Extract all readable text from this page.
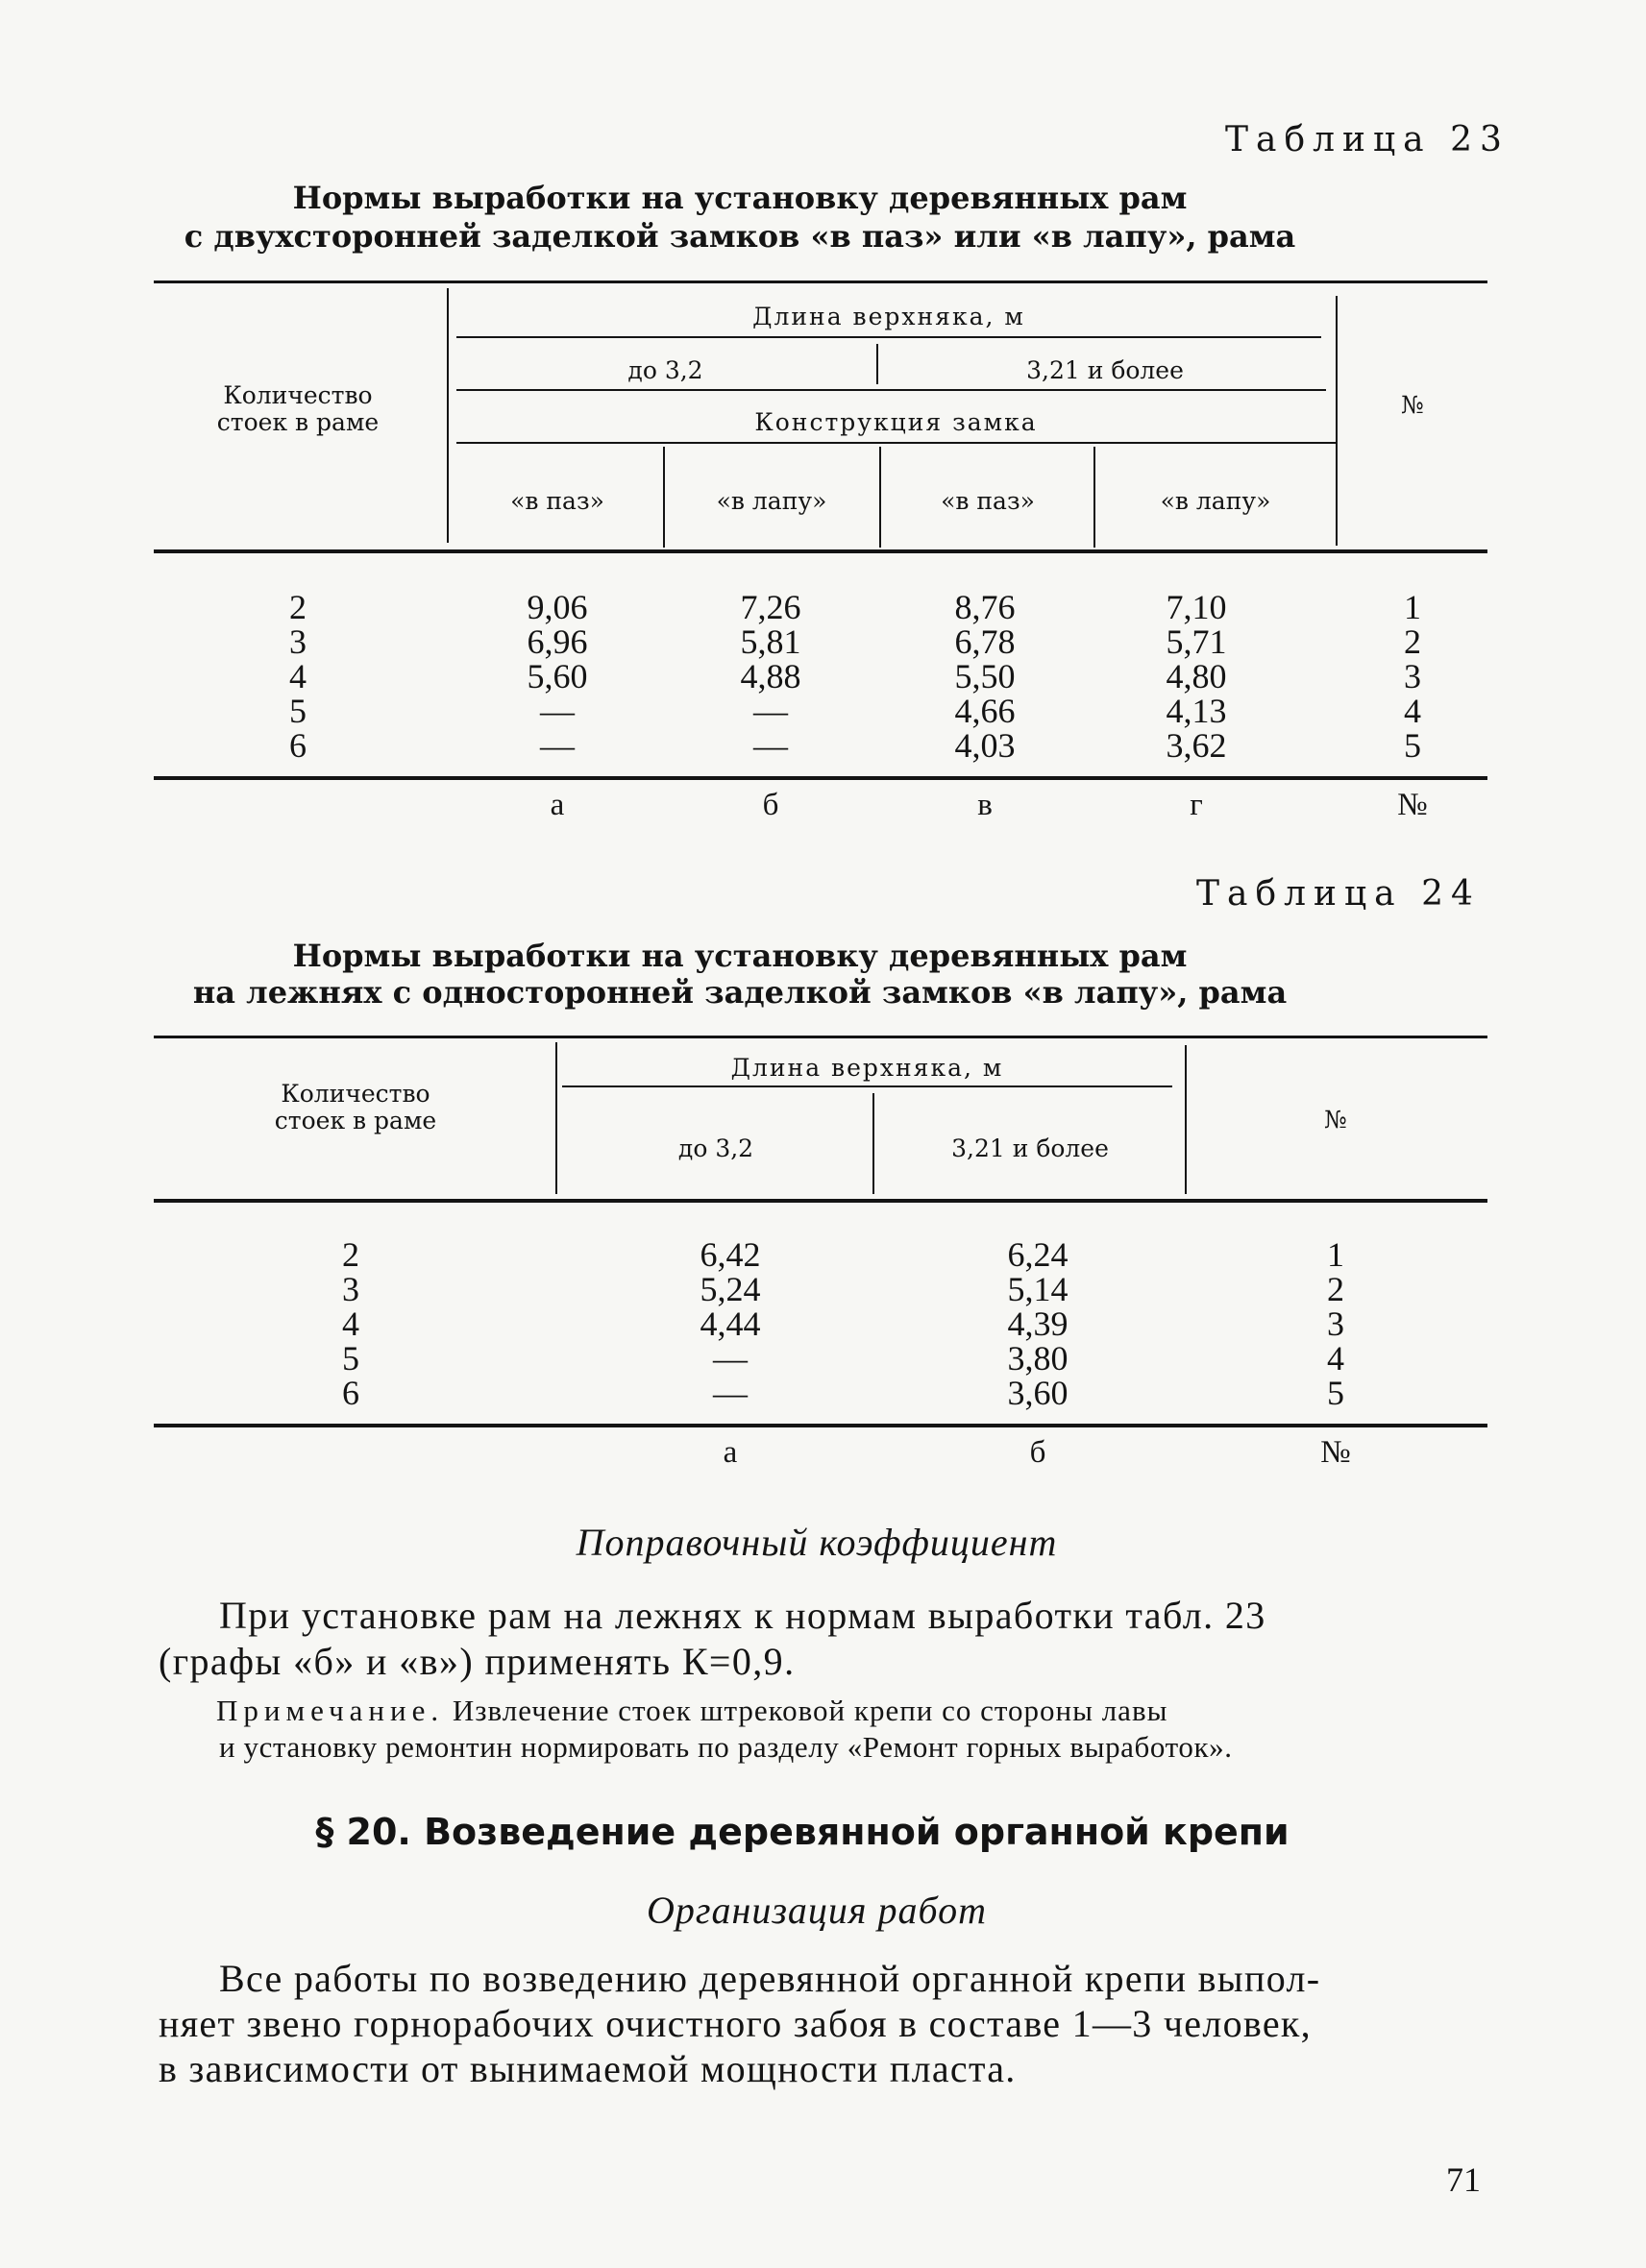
Таблица 23
Нормы выработки на установку деревянных рам
с двухсторонней заделкой замков «в паз» или «в лапу», рама
Количество стоек в раме
Длина верхняка, м
до 3,2	3,21 и более
Конструкция замка
«в паз»	«в лапу»	«в паз»	«в лапу»
№
2	9,06	7,26	8,76	7,10	1
3	6,96	5,81	6,78	5,71	2
4	5,60	4,88	5,50	4,80	3
5	—	—	4,66	4,13	4
6	—	—	4,03	3,62	5
а	б	в	г	№
Таблица 24
Нормы выработки на установку деревянных рам
на лежнях с односторонней заделкой замков «в лапу», рама
Количество стоек в раме
Длина верхняка, м
до 3,2	3,21 и более
№
2	6,42	6,24	1
3	5,24	5,14	2
4	4,44	4,39	3
5	—	3,80	4
6	—	3,60	5
а	б	№
Поправочный коэффициент
При установке рам на лежнях к нормам выработки табл. 23
(графы «б» и «в») применять К=0,9.
Примечание. Извлечение стоек штрековой крепи со стороны лавы
и установку ремонтин нормировать по разделу «Ремонт горных выработок».
§ 20. Возведение деревянной органной крепи
Организация работ
Все работы по возведению деревянной органной крепи выпол-
няет звено горнорабочих очистного забоя в составе 1—3 человек,
в зависимости от вынимаемой мощности пласта.
71
